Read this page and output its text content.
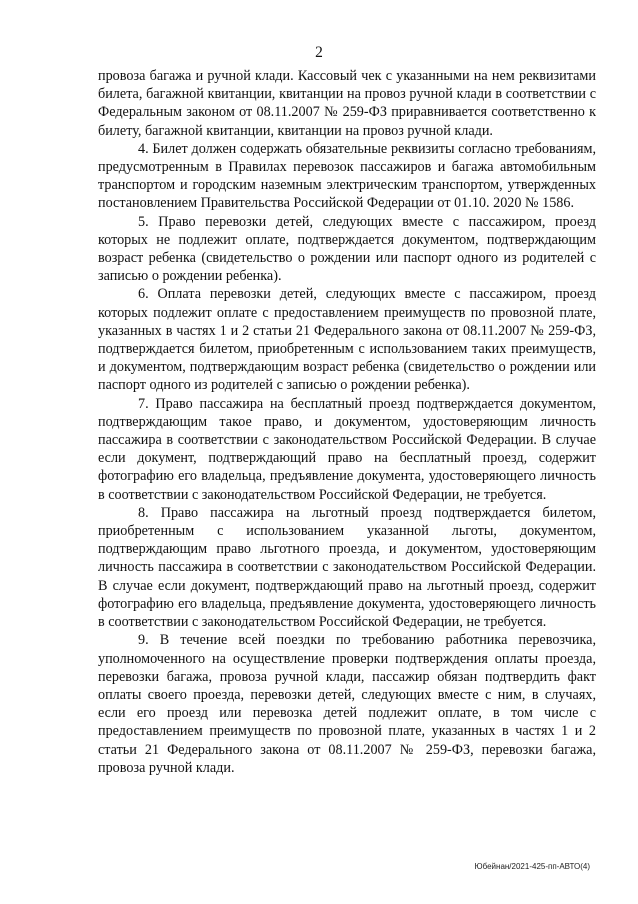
2

провоза багажа и ручной клади. Кассовый чек с указанными на нем реквизитами билета, багажной квитанции, квитанции на провоз ручной клади в соответствии с Федеральным законом от 08.11.2007 № 259-ФЗ приравнивается соответственно к билету, багажной квитанции, квитанции на провоз ручной клади.

4. Билет должен содержать обязательные реквизиты согласно требованиям, предусмотренным в Правилах перевозок пассажиров и багажа автомобильным транспортом и городским наземным электрическим транспортом, утвержденных постановлением Правительства Российской Федерации от 01.10. 2020 № 1586.

5. Право перевозки детей, следующих вместе с пассажиром, проезд которых не подлежит оплате, подтверждается документом, подтверждающим возраст ребенка (свидетельство о рождении или паспорт одного из родителей с записью о рождении ребенка).

6. Оплата перевозки детей, следующих вместе с пассажиром, проезд которых подлежит оплате с предоставлением преимуществ по провозной плате, указанных в частях 1 и 2 статьи 21 Федерального закона от 08.11.2007 № 259-ФЗ, подтверждается билетом, приобретенным с использованием таких преимуществ, и документом, подтверждающим возраст ребенка (свидетельство о рождении или паспорт одного из родителей с записью о рождении ребенка).

7. Право пассажира на бесплатный проезд подтверждается документом, подтверждающим такое право, и документом, удостоверяющим личность пассажира в соответствии с законодательством Российской Федерации. В случае если документ, подтверждающий право на бесплатный проезд, содержит фотографию его владельца, предъявление документа, удостоверяющего личность в соответствии с законодательством Российской Федерации, не требуется.

8. Право пассажира на льготный проезд подтверждается билетом, приобретенным с использованием указанной льготы, документом, подтверждающим право льготного проезда, и документом, удостоверяющим личность пассажира в соответствии с законодательством Российской Федерации. В случае если документ, подтверждающий право на льготный проезд, содержит фотографию его владельца, предъявление документа, удостоверяющего личность в соответствии с законодательством Российской Федерации, не требуется.

9. В течение всей поездки по требованию работника перевозчика, уполномоченного на осуществление проверки подтверждения оплаты проезда, перевозки багажа, провоза ручной клади, пассажир обязан подтвердить факт оплаты своего проезда, перевозки детей, следующих вместе с ним, в случаях, если его проезд или перевозка детей подлежит оплате, в том числе с предоставлением преимуществ по провозной плате, указанных в частях 1 и 2 статьи 21 Федерального закона от 08.11.2007 № 259-ФЗ, перевозки багажа, провоза ручной клади.

Юбейнан/2021-425-пп-АВТО(4)
